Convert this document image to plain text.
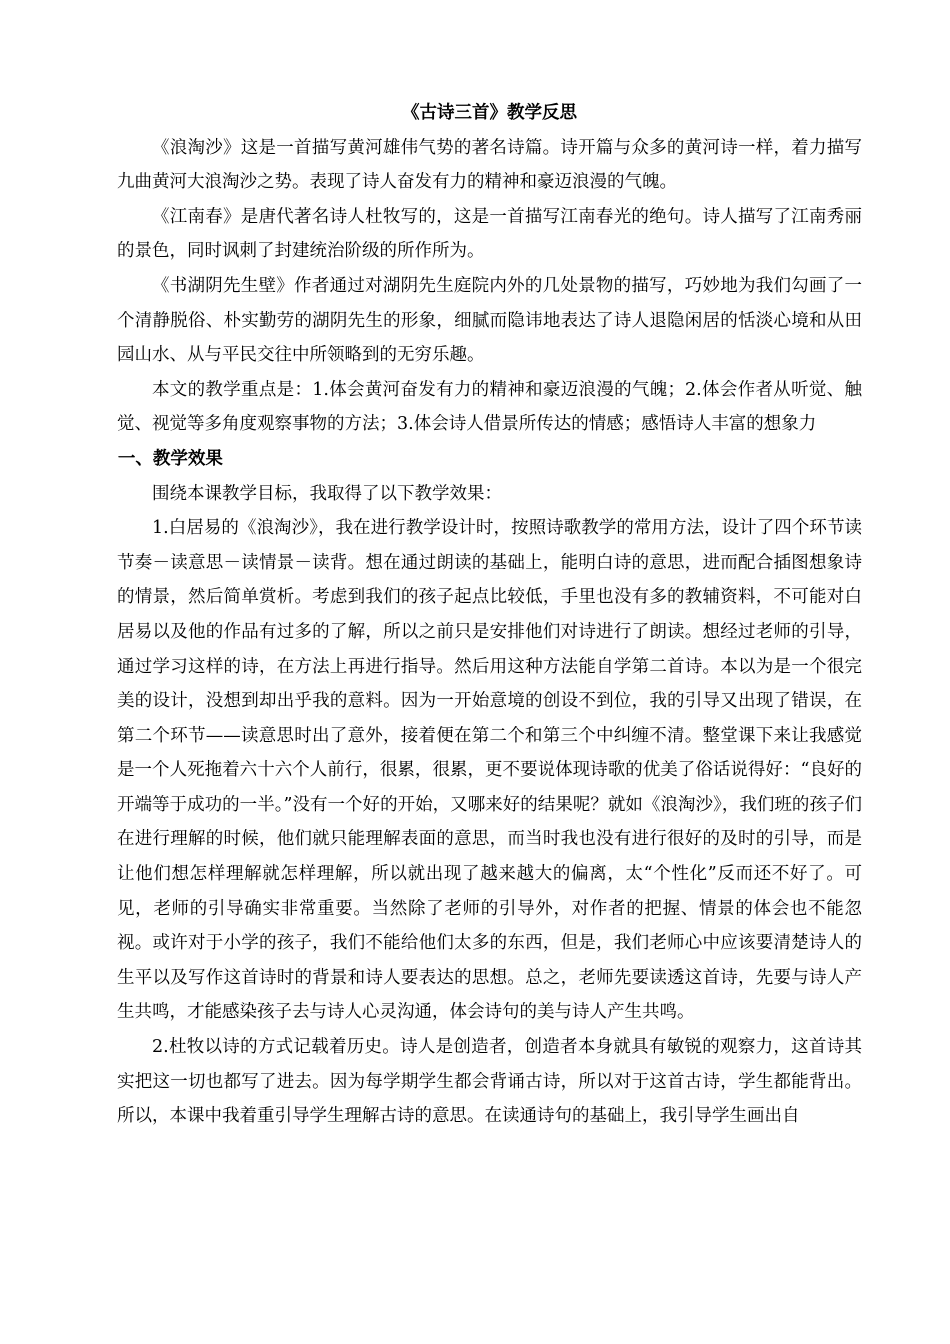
《古诗三首》教学反思

《浪淘沙》这是一首描写黄河雄伟气势的著名诗篇。诗开篇与众多的黄河诗一样，着力描写九曲黄河大浪淘沙之势。表现了诗人奋发有力的精神和豪迈浪漫的气魄。

《江南春》是唐代著名诗人杜牧写的，这是一首描写江南春光的绝句。诗人描写了江南秀丽的景色，同时讽刺了封建统治阶级的所作所为。

《书湖阴先生壁》作者通过对湖阴先生庭院内外的几处景物的描写，巧妙地为我们勾画了一个清静脱俗、朴实勤劳的湖阴先生的形象，细腻而隐讳地表达了诗人退隐闲居的恬淡心境和从田园山水、从与平民交往中所领略到的无穷乐趣。

本文的教学重点是：1.体会黄河奋发有力的精神和豪迈浪漫的气魄；2.体会作者从听觉、触觉、视觉等多角度观察事物的方法；3.体会诗人借景所传达的情感；感悟诗人丰富的想象力

一、教学效果

围绕本课教学目标，我取得了以下教学效果：

1.白居易的《浪淘沙》，我在进行教学设计时，按照诗歌教学的常用方法，设计了四个环节读节奏－读意思－读情景－读背。想在通过朗读的基础上，能明白诗的意思，进而配合插图想象诗的情景，然后简单赏析。考虑到我们的孩子起点比较低，手里也没有多的教辅资料，不可能对白居易以及他的作品有过多的了解，所以之前只是安排他们对诗进行了朗读。想经过老师的引导，通过学习这样的诗，在方法上再进行指导。然后用这种方法能自学第二首诗。本以为是一个很完美的设计，没想到却出乎我的意料。因为一开始意境的创设不到位，我的引导又出现了错误，在第二个环节——读意思时出了意外，接着便在第二个和第三个中纠缠不清。整堂课下来让我感觉是一个人死拖着六十六个人前行，很累，很累，更不要说体现诗歌的优美了俗话说得好：“良好的开端等于成功的一半。”没有一个好的开始，又哪来好的结果呢？就如《浪淘沙》，我们班的孩子们在进行理解的时候，他们就只能理解表面的意思，而当时我也没有进行很好的及时的引导，而是让他们想怎样理解就怎样理解，所以就出现了越来越大的偏离，太“个性化”反而还不好了。可见，老师的引导确实非常重要。当然除了老师的引导外，对作者的把握、情景的体会也不能忽视。或许对于小学的孩子，我们不能给他们太多的东西，但是，我们老师心中应该要清楚诗人的生平以及写作这首诗时的背景和诗人要表达的思想。总之，老师先要读透这首诗，先要与诗人产生共鸣，才能感染孩子去与诗人心灵沟通，体会诗句的美与诗人产生共鸣。

2.杜牧以诗的方式记载着历史。诗人是创造者，创造者本身就具有敏锐的观察力，这首诗其实把这一切也都写了进去。因为每学期学生都会背诵古诗，所以对于这首古诗，学生都能背出。所以，本课中我着重引导学生理解古诗的意思。在读通诗句的基础上，我引导学生画出自
